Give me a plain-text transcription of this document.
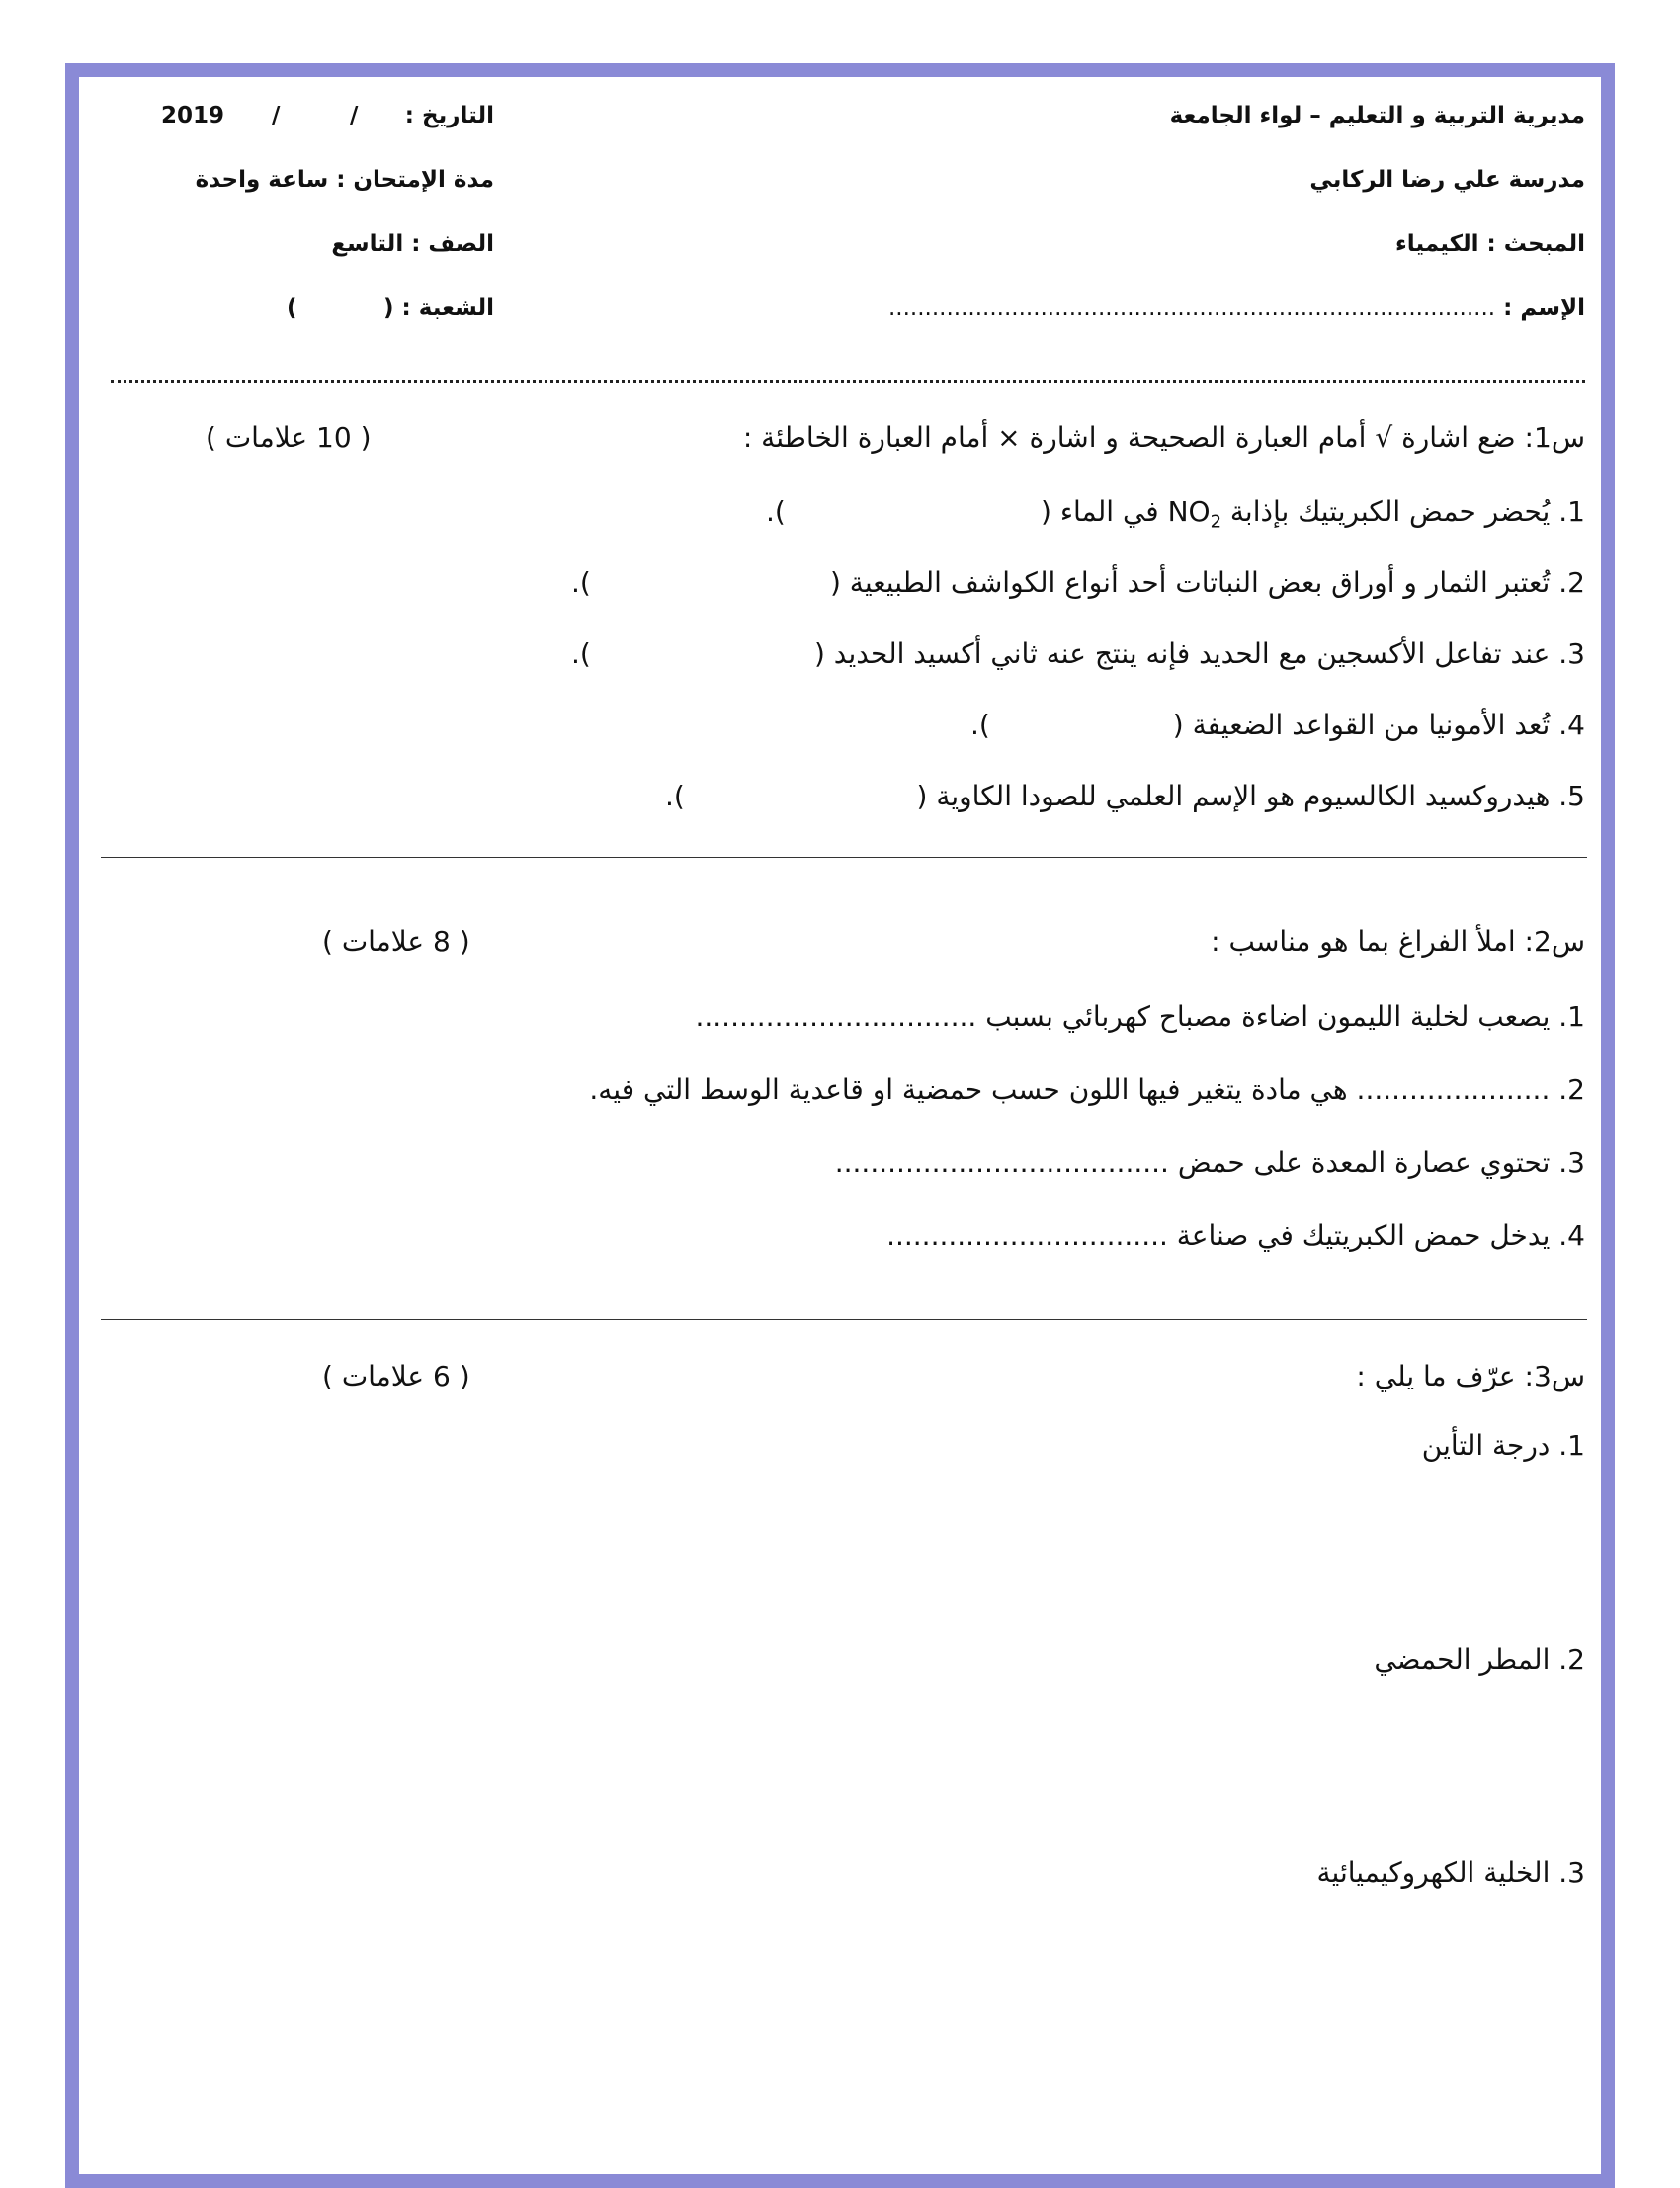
مديرية التربية و التعليم – لواء الجامعة
مدرسة علي رضا الركابي
المبحث : الكيمياء
الإسم : ....................................................................................
التاريخ :
/
/
2019
مدة الإمتحان : ساعة واحدة
الصف : التاسع
الشعبة :
(
)
س1: ضع اشارة √ أمام العبارة الصحيحة و اشارة × أمام العبارة الخاطئة :
( 10 علامات )
1. يُحضر حمض الكبريتيك بإذابة $NO_2$ في الماء (
).
2. تُعتبر الثمار و أوراق بعض النباتات أحد أنواع الكواشف الطبيعية (
).
3. عند تفاعل الأكسجين مع الحديد فإنه ينتج عنه ثاني أكسيد الحديد (
).
4. تُعد الأمونيا من القواعد الضعيفة (
).
5. هيدروكسيد الكالسيوم هو الإسم العلمي للصودا الكاوية (
).
س2: املأ الفراغ بما هو مناسب :
( 8 علامات )
1. يصعب لخلية الليمون اضاءة مصباح كهربائي بسبب ................................
2. ...................... هي مادة يتغير فيها اللون حسب حمضية او قاعدية الوسط التي فيه.
3. تحتوي عصارة المعدة على حمض ......................................
4. يدخل حمض الكبريتيك في صناعة ................................
س3: عرّف ما يلي :
( 6 علامات )
1. درجة التأين
2. المطر الحمضي
3. الخلية الكهروكيميائية
